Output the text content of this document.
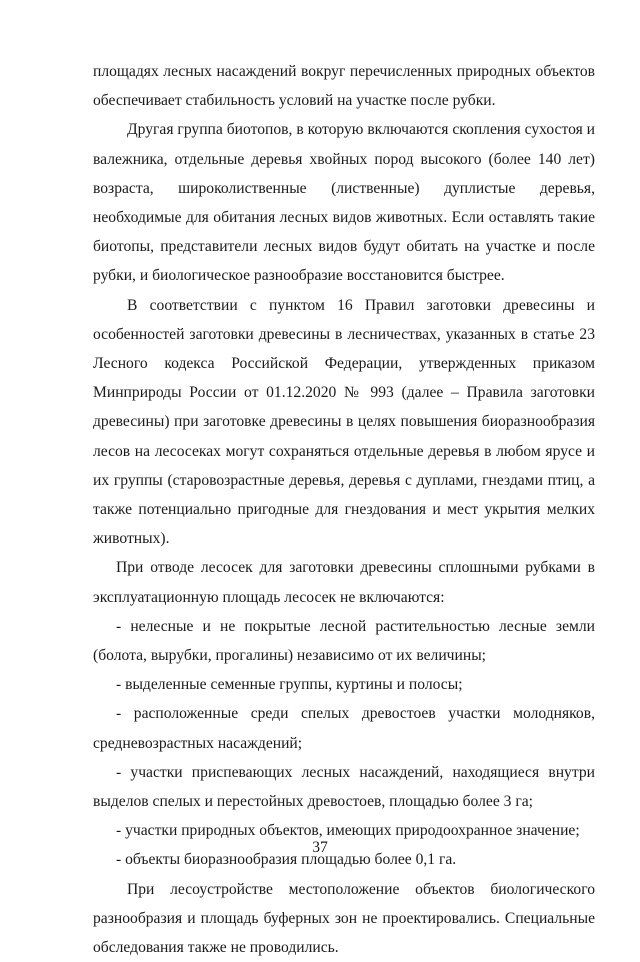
площадях лесных насаждений вокруг перечисленных природных объектов обеспечивает стабильность условий на участке после рубки.

Другая группа биотопов, в которую включаются скопления сухостоя и валежника, отдельные деревья хвойных пород высокого (более 140 лет) возраста, широколиственные (лиственные) дуплистые деревья, необходимые для обитания лесных видов животных. Если оставлять такие биотопы, представители лесных видов будут обитать на участке и после рубки, и биологическое разнообразие восстановится быстрее.

В соответствии с пунктом 16 Правил заготовки древесины и особенностей заготовки древесины в лесничествах, указанных в статье 23 Лесного кодекса Российской Федерации, утвержденных приказом Минприроды России от 01.12.2020 № 993 (далее – Правила заготовки древесины) при заготовке древесины в целях повышения биоразнообразия лесов на лесосеках могут сохраняться отдельные деревья в любом ярусе и их группы (старовозрастные деревья, деревья с дуплами, гнездами птиц, а также потенциально пригодные для гнездования и мест укрытия мелких животных).

При отводе лесосек для заготовки древесины сплошными рубками в эксплуатационную площадь лесосек не включаются:

- нелесные и не покрытые лесной растительностью лесные земли (болота, вырубки, прогалины) независимо от их величины;

- выделенные семенные группы, куртины и полосы;

- расположенные среди спелых древостоев участки молодняков, средневозрастных насаждений;

- участки приспевающих лесных насаждений, находящиеся внутри выделов спелых и перестойных древостоев, площадью более 3 га;

- участки природных объектов, имеющих природоохранное значение;

- объекты биоразнообразия площадью более 0,1 га.

При лесоустройстве местоположение объектов биологического разнообразия и площадь буферных зон не проектировались. Специальные обследования также не проводились.

37
